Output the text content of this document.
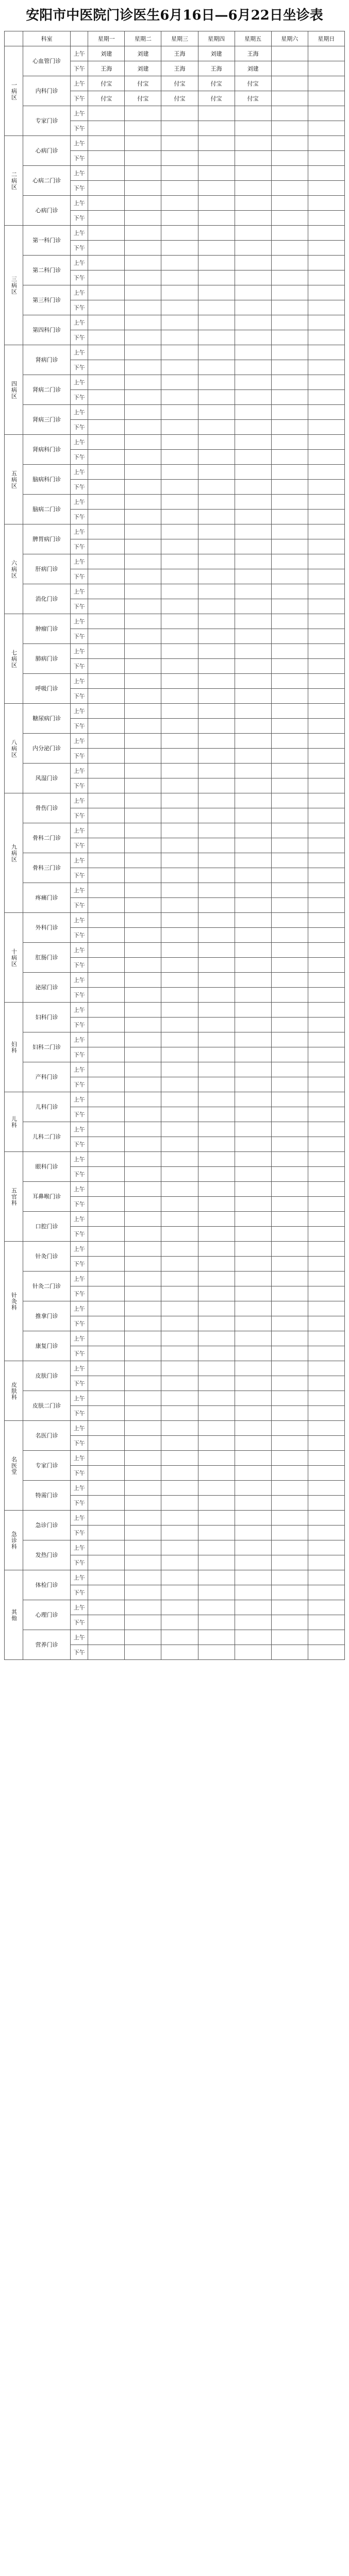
安阳市中医院门诊医生6月16日—6月22日坐诊表
	科室		星期一	星期二	星期三	星期四	星期五	星期六	星期日
一病区	心血管门诊	上午	刘建	刘建	王海	刘建	王海		
		下午	王海	刘建	王海	王海	刘建		
	内科门诊	上午	付宝	付宝	付宝	付宝	付宝		
		下午	付宝	付宝	付宝	付宝	付宝		
	专家门诊	上午							
		下午							
二病区	心病门诊	上午							
		下午							
	心病二门诊	上午							
		下午							
	心病门诊	上午							
		下午							
三病区	第一科门诊	上午							
		下午							
	第二科门诊	上午							
		下午							
	第三科门诊	上午							
		下午							
	第四科门诊	上午							
		下午							
四病区	肾病门诊	上午							
		下午							
	肾病二门诊	上午							
		下午							
	肾病三门诊	上午							
		下午							
五病区	肾病科门诊	上午							
		下午							
	脑病科门诊	上午							
		下午							
	脑病二门诊	上午							
		下午							
六病区	脾胃病门诊	上午							
		下午							
	肝病门诊	上午							
		下午							
	消化门诊	上午							
		下午							
七病区	肿瘤门诊	上午							
		下午							
	肺病门诊	上午							
		下午							
	呼吸门诊	上午							
		下午							
八病区	糖尿病门诊	上午							
		下午							
	内分泌门诊	上午							
		下午							
	风湿门诊	上午							
		下午							
九病区	骨伤门诊	上午							
		下午							
	骨科二门诊	上午							
		下午							
	骨科三门诊	上午							
		下午							
	疼痛门诊	上午							
		下午							
十病区	外科门诊	上午							
		下午							
	肛肠门诊	上午							
		下午							
	泌尿门诊	上午							
		下午							
妇科	妇科门诊	上午							
		下午							
	妇科二门诊	上午							
		下午							
	产科门诊	上午							
		下午							
儿科	儿科门诊	上午							
		下午							
	儿科二门诊	上午							
		下午							
五官科	眼科门诊	上午							
		下午							
	耳鼻喉门诊	上午							
		下午							
	口腔门诊	上午							
		下午							
针灸科	针灸门诊	上午							
		下午							
	针灸二门诊	上午							
		下午							
	推拿门诊	上午							
		下午							
	康复门诊	上午							
		下午							
皮肤科	皮肤门诊	上午							
		下午							
	皮肤二门诊	上午							
		下午							
名医堂	名医门诊	上午							
		下午							
	专家门诊	上午							
		下午							
	特需门诊	上午							
		下午							
急诊科	急诊门诊	上午							
		下午							
	发热门诊	上午							
		下午							
其他	体检门诊	上午							
		下午							
	心理门诊	上午							
		下午							
	营养门诊	上午							
		下午							
